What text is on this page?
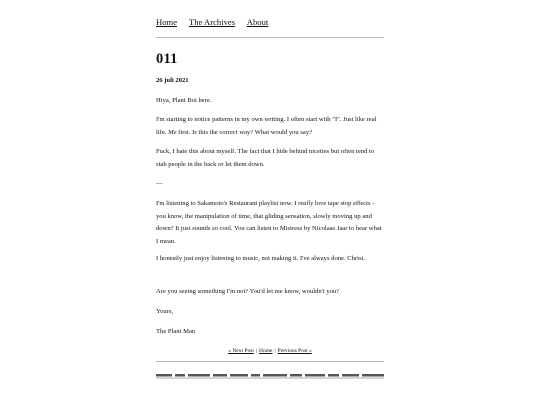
Home The Archives About
011
26 juli 2021
Hiya, Plant Boi here.
I'm starting to notice patterns in my own writing. I often start with "I". Just like real life. Me first. Is this the correct way? What would you say?
Fuck, I hate this about myself. The fact that I hide behind niceties but often tend to stab people in the back or let them down.
—
I'm listening to Sakamoto's Restaurant playlist now. I really love tape stop effects - you know, the manipulation of time, that gliding sensation, slowly moving up and down? It just sounds so cool. You can listen to Mistress by Nicolaas Jaar to hear what I mean.
I honestly just enjoy listening to music, not making it. I've always done. Christ.
Are you seeing something I'm not? You'd let me know, wouldn't you?
Yours,
The Plant Man
« Next Post | Home | Previous Post »
